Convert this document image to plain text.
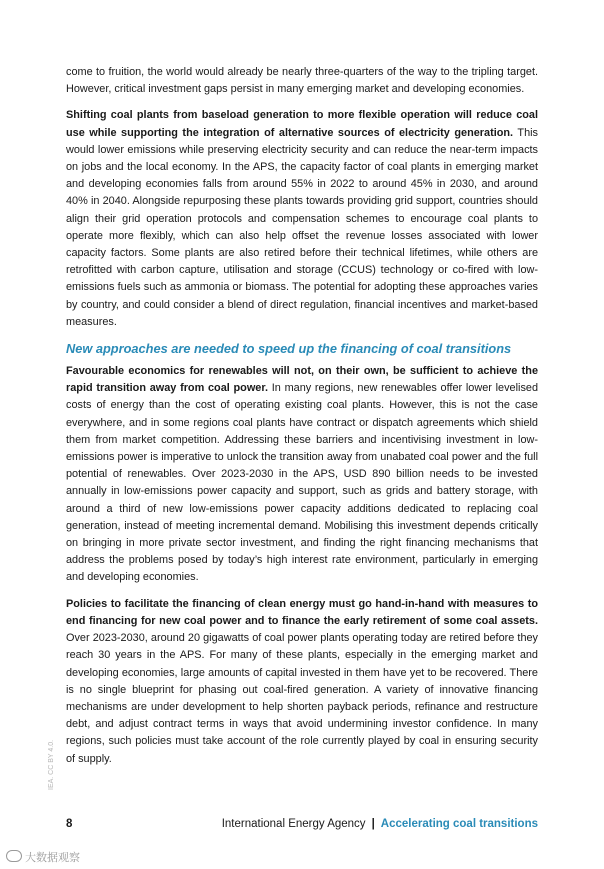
come to fruition, the world would already be nearly three-quarters of the way to the tripling target. However, critical investment gaps persist in many emerging market and developing economies.

Shifting coal plants from baseload generation to more flexible operation will reduce coal use while supporting the integration of alternative sources of electricity generation. This would lower emissions while preserving electricity security and can reduce the near-term impacts on jobs and the local economy. In the APS, the capacity factor of coal plants in emerging market and developing economies falls from around 55% in 2022 to around 45% in 2030, and around 40% in 2040. Alongside repurposing these plants towards providing grid support, countries should align their grid operation protocols and compensation schemes to encourage coal plants to operate more flexibly, which can also help offset the revenue losses associated with lower capacity factors. Some plants are also retired before their technical lifetimes, while others are retrofitted with carbon capture, utilisation and storage (CCUS) technology or co-fired with low-emissions fuels such as ammonia or biomass. The potential for adopting these approaches varies by country, and could consider a blend of direct regulation, financial incentives and market-based measures.

New approaches are needed to speed up the financing of coal transitions

Favourable economics for renewables will not, on their own, be sufficient to achieve the rapid transition away from coal power. In many regions, new renewables offer lower levelised costs of energy than the cost of operating existing coal plants. However, this is not the case everywhere, and in some regions coal plants have contract or dispatch agreements which shield them from market competition. Addressing these barriers and incentivising investment in low-emissions power is imperative to unlock the transition away from unabated coal power and the full potential of renewables. Over 2023-2030 in the APS, USD 890 billion needs to be invested annually in low-emissions power capacity and support, such as grids and battery storage, with around a third of new low-emissions power capacity additions dedicated to replacing coal generation, instead of meeting incremental demand. Mobilising this investment depends critically on bringing in more private sector investment, and finding the right financing mechanisms that address the problems posed by today’s high interest rate environment, particularly in emerging and developing economies.

Policies to facilitate the financing of clean energy must go hand-in-hand with measures to end financing for new coal power and to finance the early retirement of some coal assets. Over 2023-2030, around 20 gigawatts of coal power plants operating today are retired before they reach 30 years in the APS. For many of these plants, especially in the emerging market and developing economies, large amounts of capital invested in them have yet to be recovered. There is no single blueprint for phasing out coal-fired generation. A variety of innovative financing mechanisms are under development to help shorten payback periods, refinance and restructure debt, and adjust contract terms in ways that avoid undermining investor confidence. In many regions, such policies must take account of the role currently played by coal in ensuring security of supply.

IEA. CC BY 4.0.
8	International Energy Agency | Accelerating coal transitions
大数据观察
